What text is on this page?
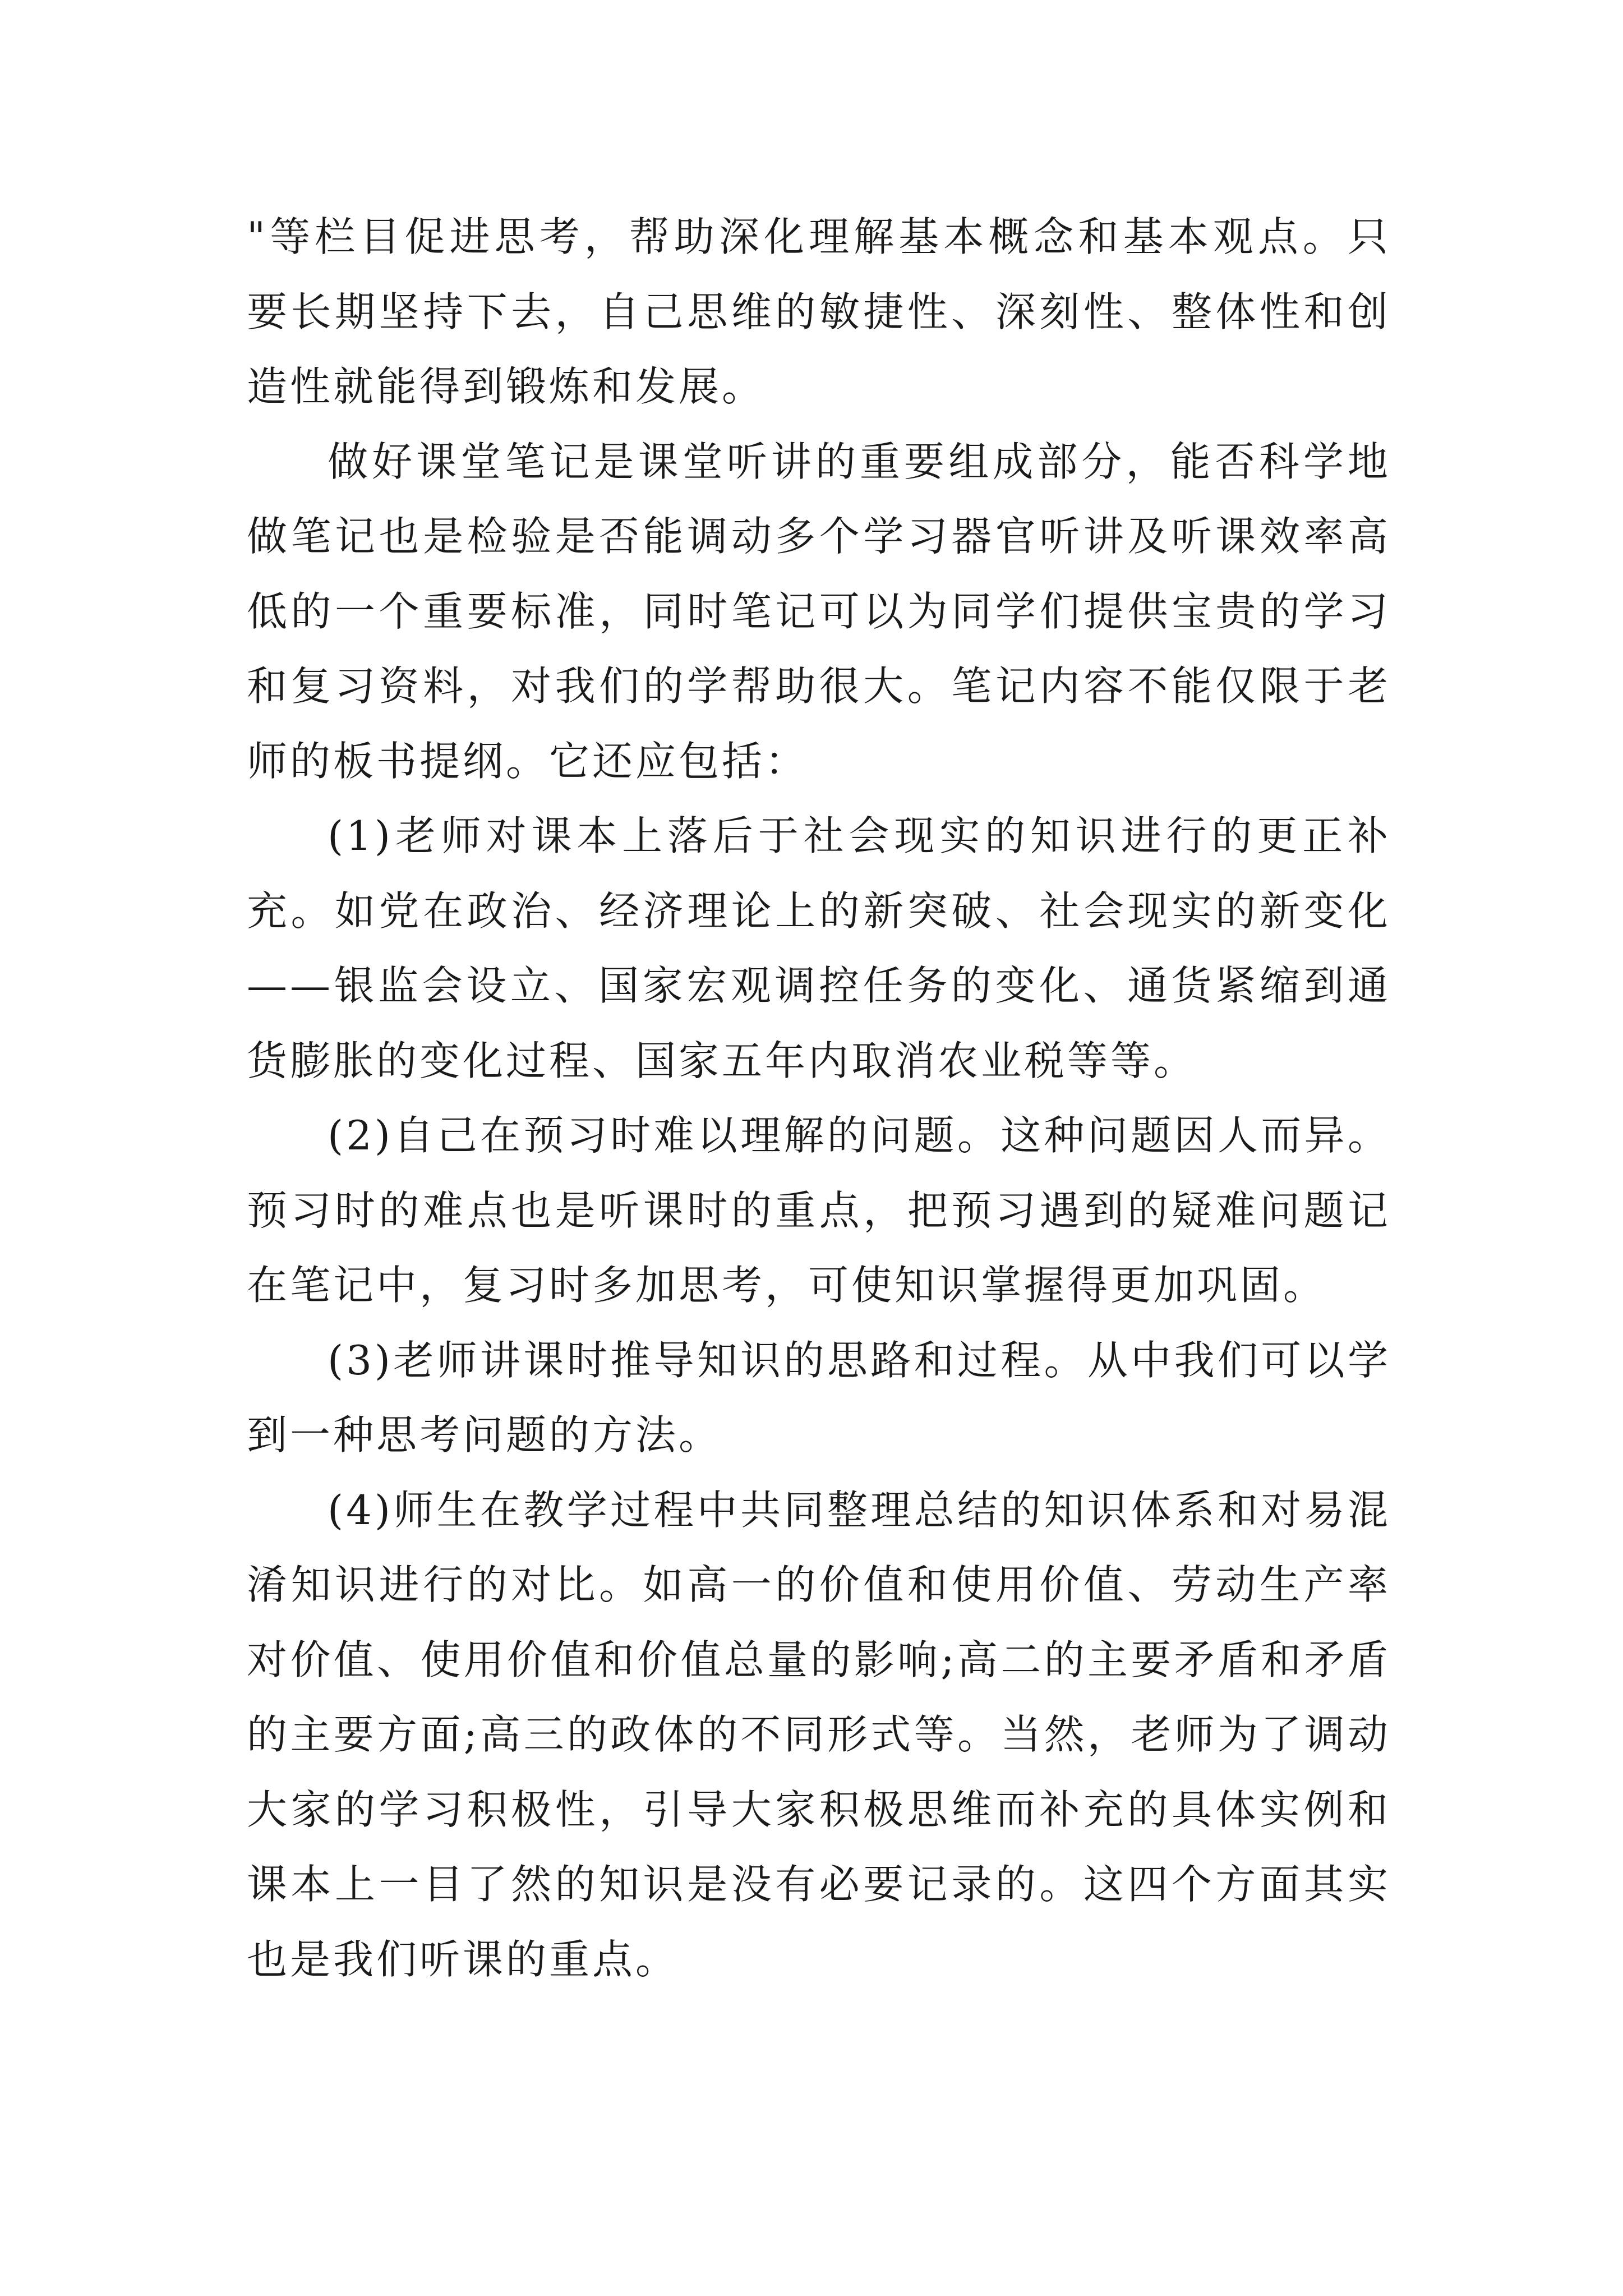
"等栏目促进思考，帮助深化理解基本概念和基本观点。只要长期坚持下去，自己思维的敏捷性、深刻性、整体性和创造性就能得到锻炼和发展。

做好课堂笔记是课堂听讲的重要组成部分，能否科学地做笔记也是检验是否能调动多个学习器官听讲及听课效率高低的一个重要标准，同时笔记可以为同学们提供宝贵的学习和复习资料，对我们的学帮助很大。笔记内容不能仅限于老师的板书提纲。它还应包括：

(1)老师对课本上落后于社会现实的知识进行的更正补充。如党在政治、经济理论上的新突破、社会现实的新变化——银监会设立、国家宏观调控任务的变化、通货紧缩到通货膨胀的变化过程、国家五年内取消农业税等等。

(2)自己在预习时难以理解的问题。这种问题因人而异。预习时的难点也是听课时的重点，把预习遇到的疑难问题记在笔记中，复习时多加思考，可使知识掌握得更加巩固。

(3)老师讲课时推导知识的思路和过程。从中我们可以学到一种思考问题的方法。

(4)师生在教学过程中共同整理总结的知识体系和对易混淆知识进行的对比。如高一的价值和使用价值、劳动生产率对价值、使用价值和价值总量的影响;高二的主要矛盾和矛盾的主要方面;高三的政体的不同形式等。当然，老师为了调动大家的学习积极性，引导大家积极思维而补充的具体实例和课本上一目了然的知识是没有必要记录的。这四个方面其实也是我们听课的重点。
